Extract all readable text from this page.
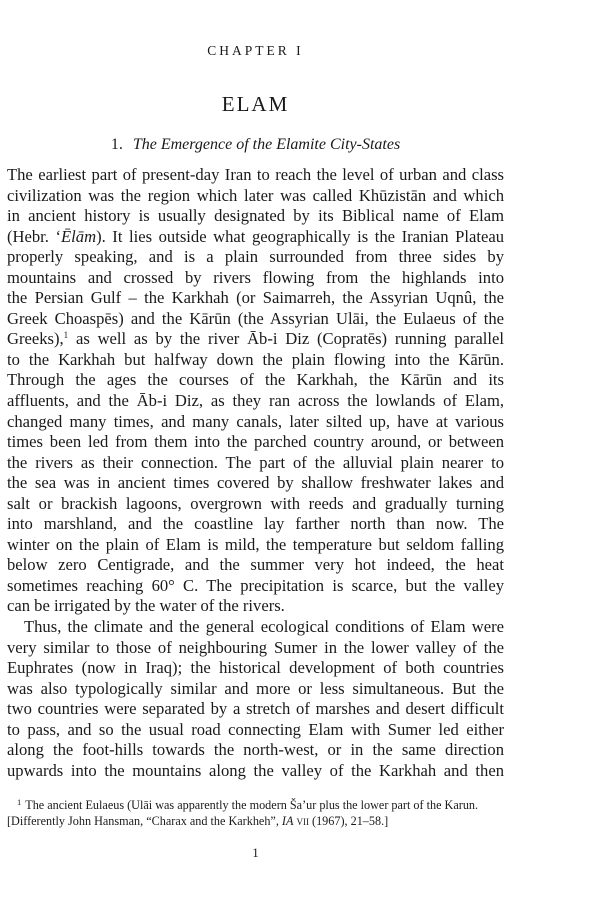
CHAPTER I
ELAM
1. The Emergence of the Elamite City-States
The earliest part of present-day Iran to reach the level of urban and class
civilization was the region which later was called Khūzistān and which
in ancient history is usually designated by its Biblical name of Elam
(Hebr. ‘Ēlām). It lies outside what geographically is the Iranian Plateau
properly speaking, and is a plain surrounded from three sides by
mountains and crossed by rivers flowing from the highlands into
the Persian Gulf – the Karkhah (or Saimarreh, the Assyrian Uqnû, the
Greek Choaspēs) and the Kārūn (the Assyrian Ulāi, the Eulaeus of the
Greeks),$^1$ as well as by the river Āb-i Diz (Copratēs) running parallel
to the Karkhah but halfway down the plain flowing into the Kārūn.
Through the ages the courses of the Karkhah, the Kārūn and its
affluents, and the Āb-i Diz, as they ran across the lowlands of Elam,
changed many times, and many canals, later silted up, have at various
times been led from them into the parched country around, or between
the rivers as their connection. The part of the alluvial plain nearer to
the sea was in ancient times covered by shallow freshwater lakes and
salt or brackish lagoons, overgrown with reeds and gradually turning
into marshland, and the coastline lay farther north than now. The
winter on the plain of Elam is mild, the temperature but seldom falling
below zero Centigrade, and the summer very hot indeed, the heat
sometimes reaching 60° C. The precipitation is scarce, but the valley
can be irrigated by the water of the rivers.
Thus, the climate and the general ecological conditions of Elam were
very similar to those of neighbouring Sumer in the lower valley of the
Euphrates (now in Iraq); the historical development of both countries
was also typologically similar and more or less simultaneous. But the
two countries were separated by a stretch of marshes and desert difficult
to pass, and so the usual road connecting Elam with Sumer led either
along the foot-hills towards the north-west, or in the same direction
upwards into the mountains along the valley of the Karkhah and then
$^1$ The ancient Eulaeus (Ulāi was apparently the modern Ša’ur plus the lower part of the Karun.
[Differently John Hansman, “Charax and the Karkheh”, IA vii (1967), 21–58.]
1
